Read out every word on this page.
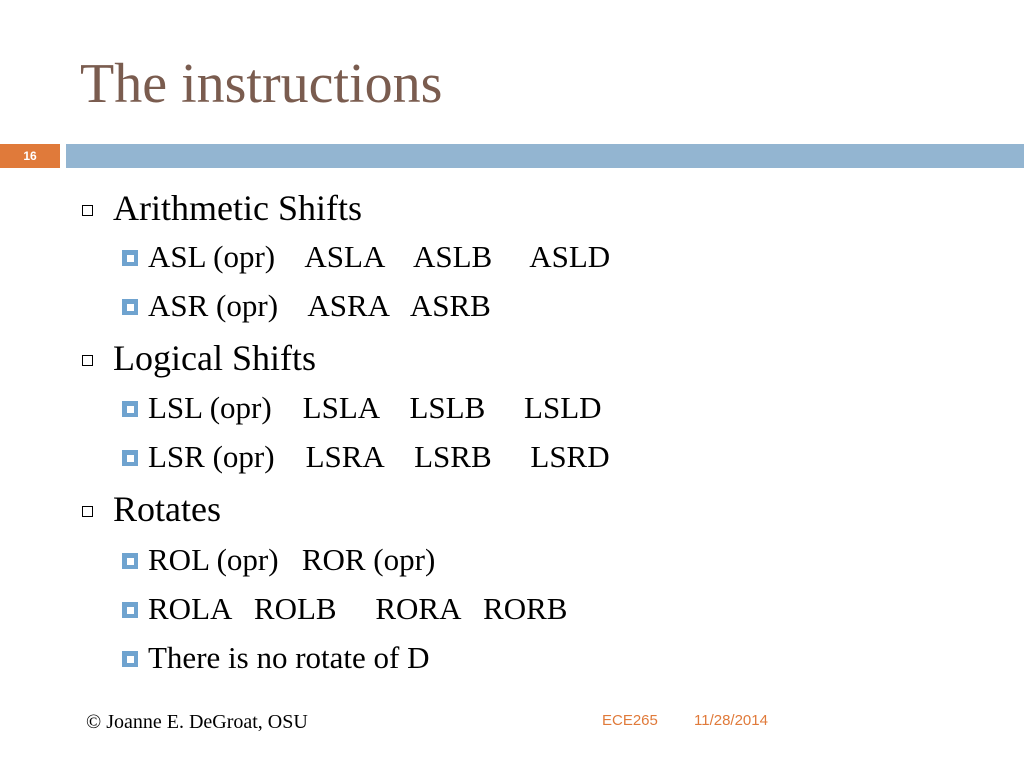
The instructions
16
Arithmetic Shifts
ASL (opr)    ASLA    ASLB     ASLD
ASR (opr)    ASRA   ASRB
Logical Shifts
LSL (opr)    LSLA    LSLB     LSLD
LSR (opr)    LSRA    LSRB     LSRD
Rotates
ROL (opr)   ROR (opr)
ROLA   ROLB     RORA   RORB
There is no rotate of D
© Joanne E. DeGroat, OSU	ECE265 11/28/2014
